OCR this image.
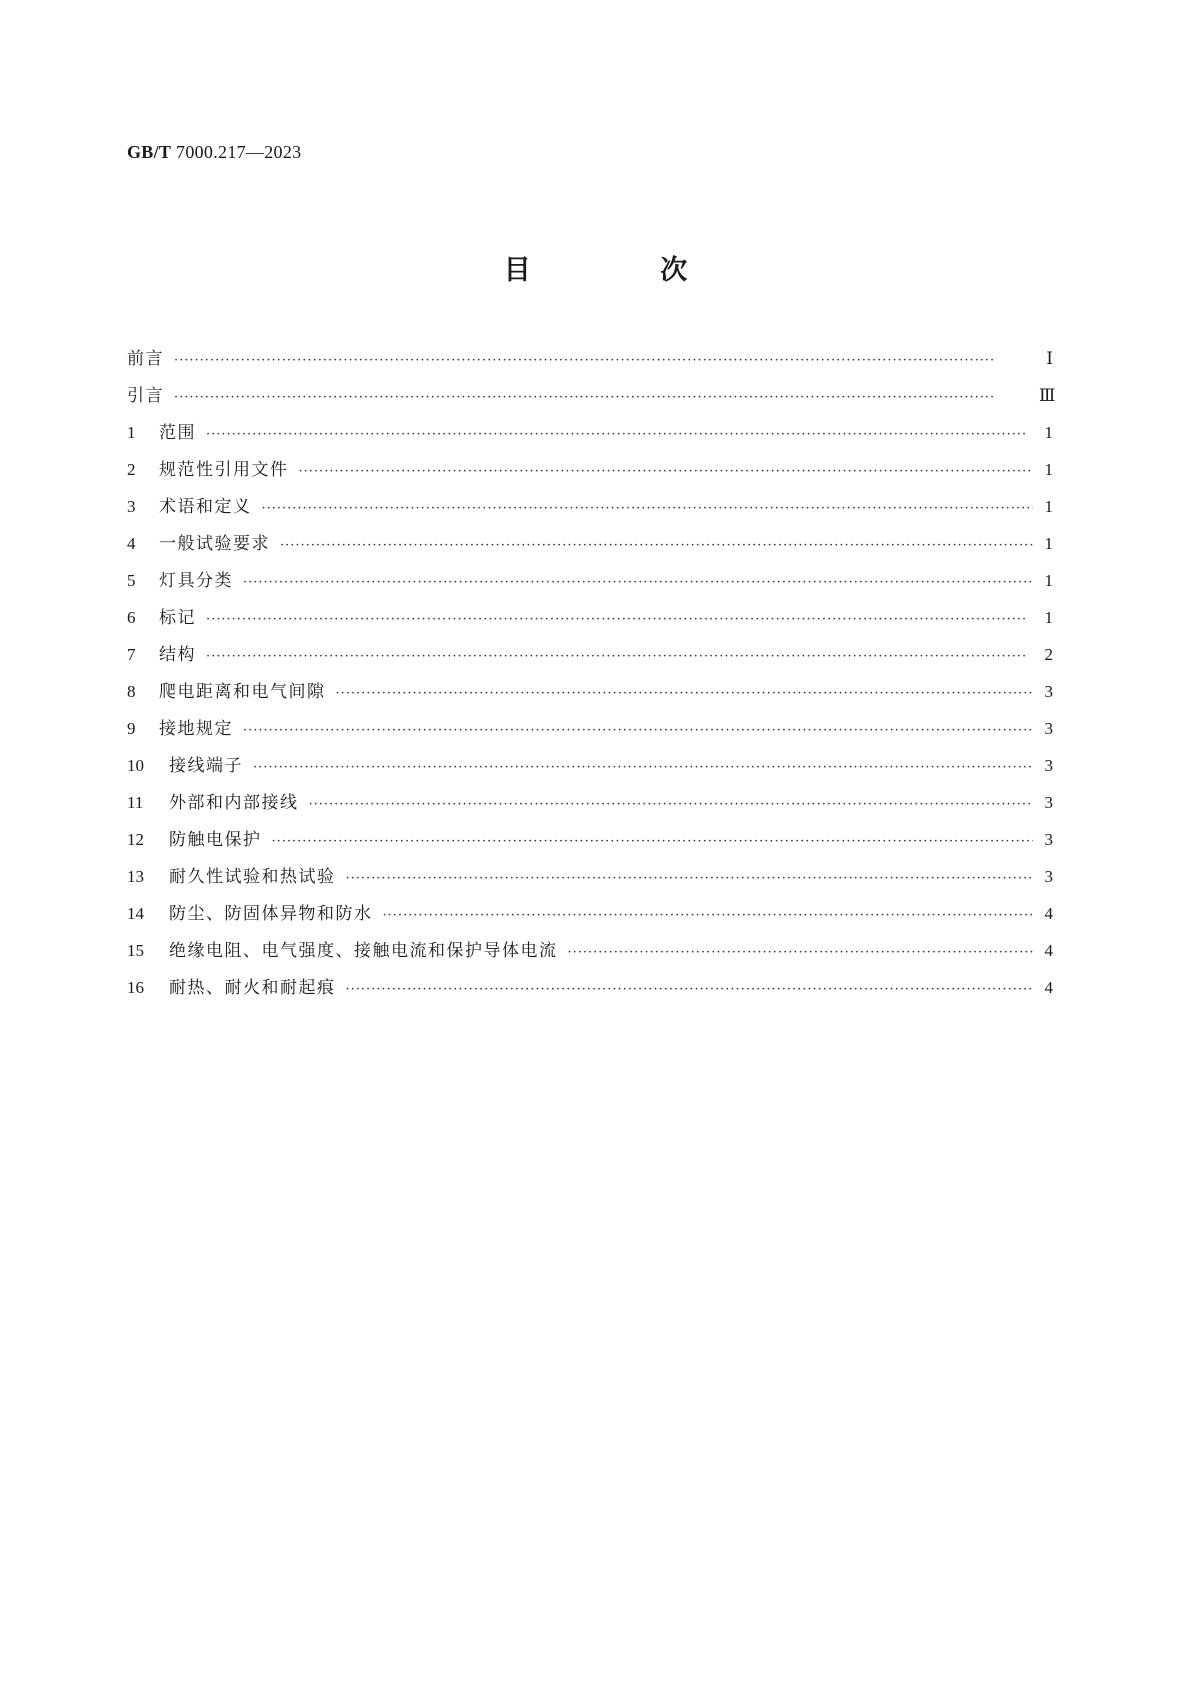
GB/T 7000.217—2023
目 次
前言 ·····	Ⅰ
引言 ·····	Ⅲ
1	范围 ·····	1
2	规范性引用文件 ·····	1
3	术语和定义 ·····	1
4	一般试验要求 ·····	1
5	灯具分类 ·····	1
6	标记 ·····	1
7	结构 ·····	2
8	爬电距离和电气间隙 ·····	3
9	接地规定 ·····	3
10	接线端子 ·····	3
11	外部和内部接线 ·····	3
12	防触电保护 ·····	3
13	耐久性试验和热试验 ·····	3
14	防尘、防固体异物和防水 ·····	4
15	绝缘电阻、电气强度、接触电流和保护导体电流 ·····	4
16	耐热、耐火和耐起痕 ·····	4
